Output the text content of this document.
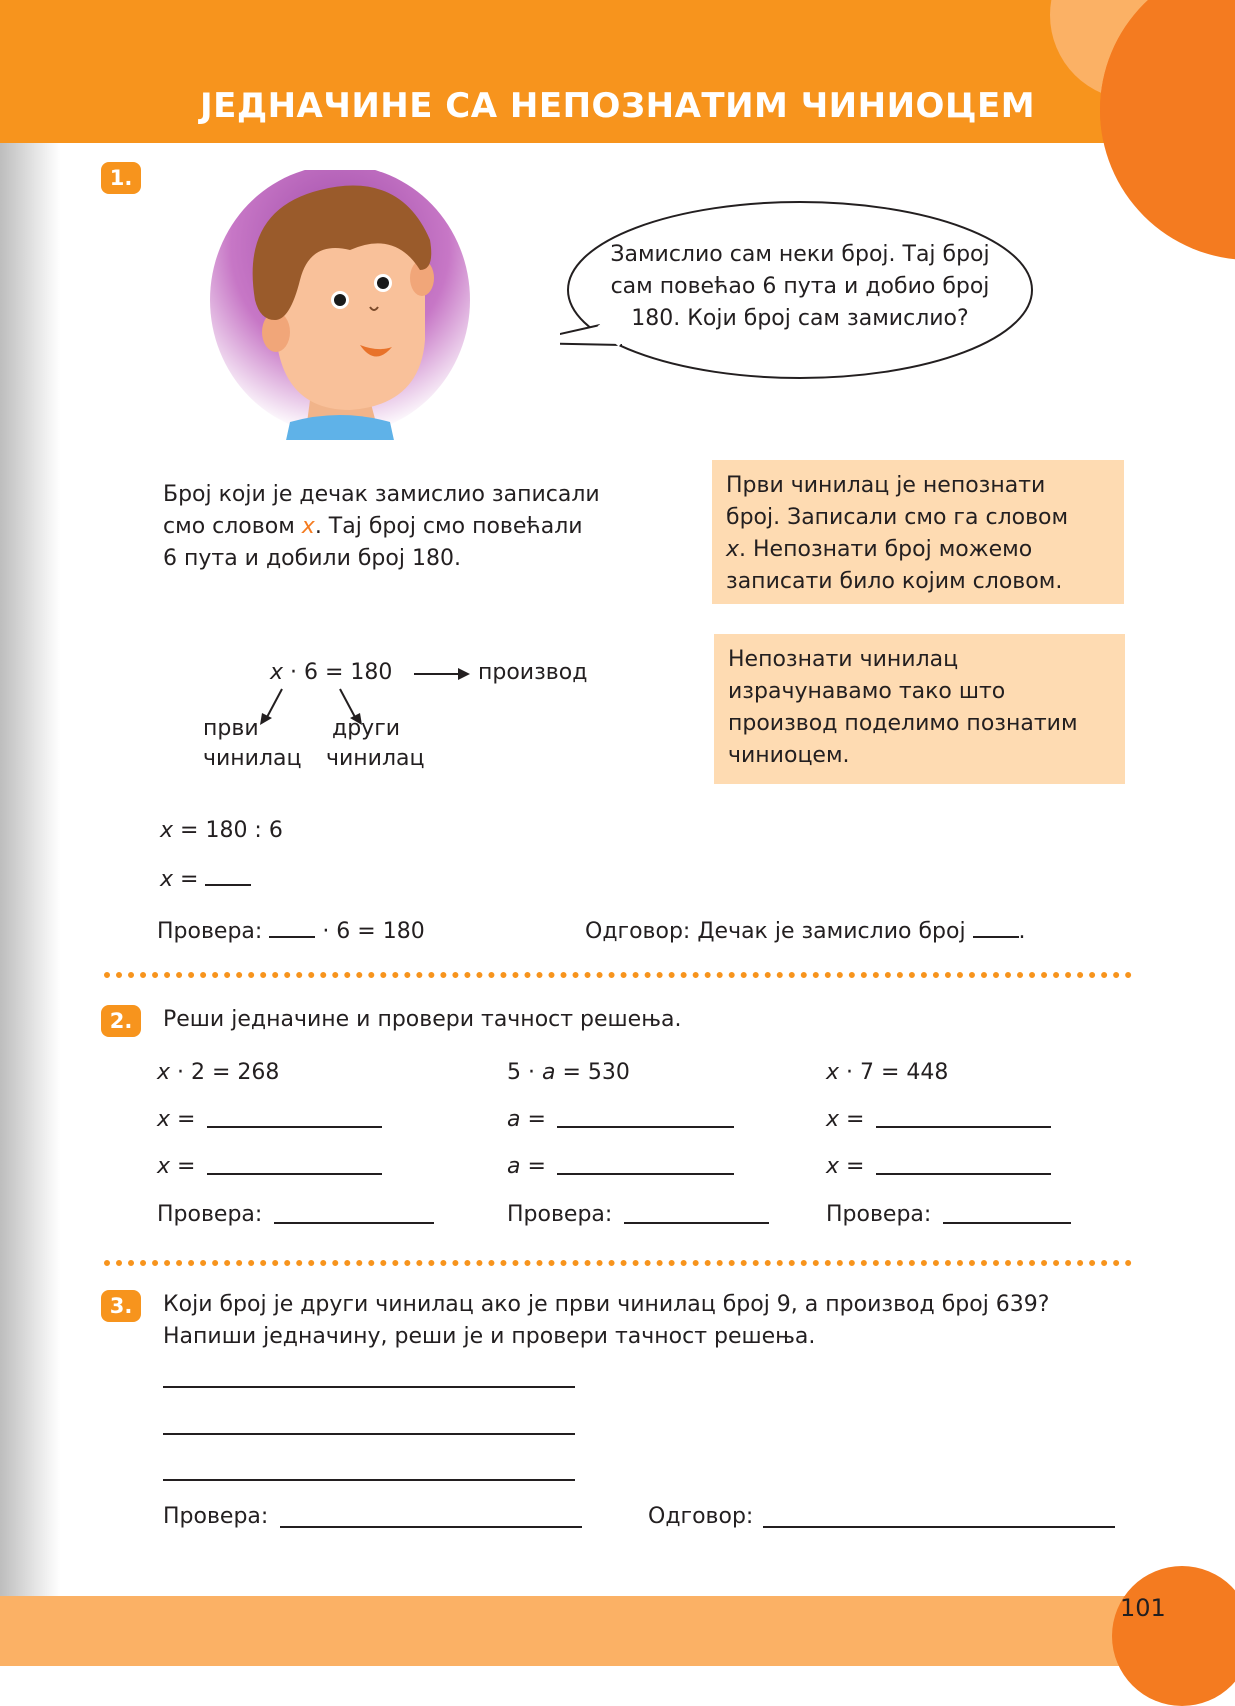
ЈЕДНАЧИНЕ СА НЕПОЗНАТИМ ЧИНИОЦЕМ
1.
Замислио сам неки број. Тај број
сам повећао 6 пута и добио број
180. Који број сам замислио?
Број који је дечак замислио записали
смо словом x. Тај број смо повећали
6 пута и добили број 180.
Први чинилац је непознати
број. Записали смо га словом
x. Непознати број можемо
записати било којим словом.
Непознати чинилац
израчунавамо тако што
производ поделимо познатим
чиниоцем.
x · 6 = 180	производ
први
чинилац
други
чинилац
x = 180 : 6
x =
Провера:  · 6 = 180	Одговор: Дечак је замислио број .
2.	Реши једначине и провери тачност решења.
x · 2 = 268
x =
x =
Провера:
5 · a = 530
a =
a =
Провера:
x · 7 = 448
x =
x =
Провера:
3.	Који број је други чинилац ако је први чинилац број 9, а производ број 639?
Напиши једначину, реши је и провери тачност решења.
Провера:	Одговор:
101
